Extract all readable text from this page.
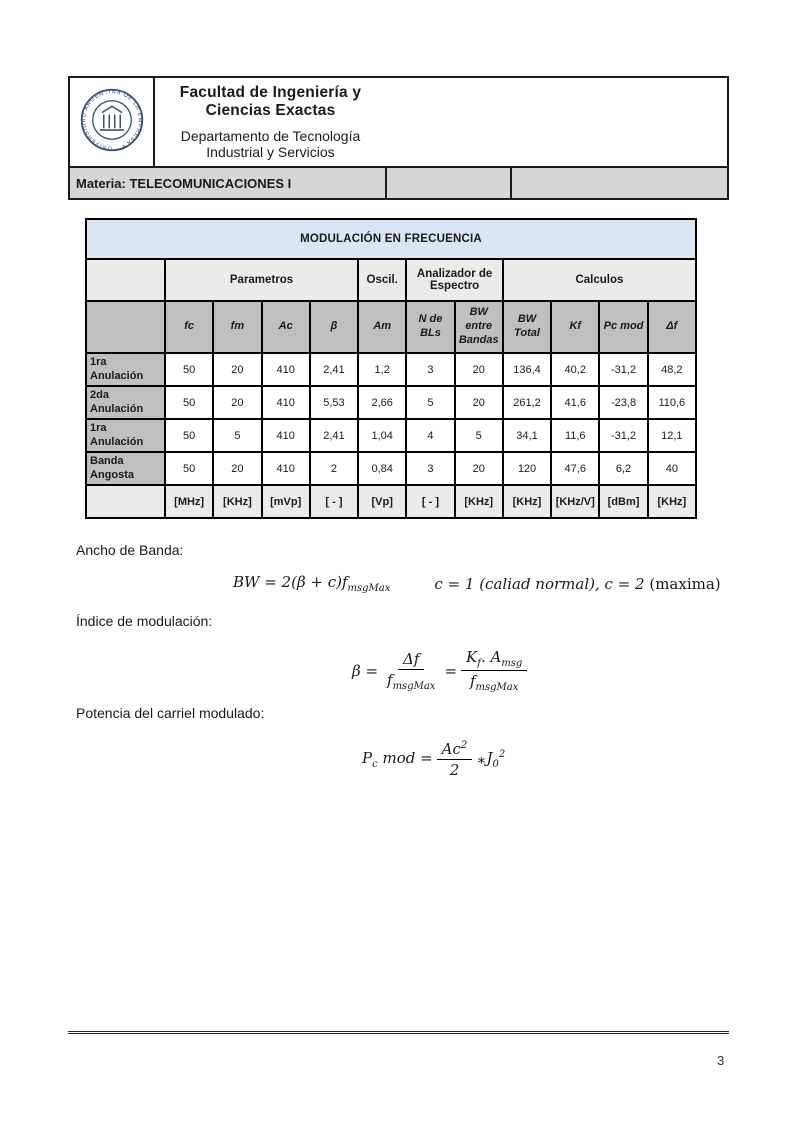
UNIVERSIDAD ARGENTINA DE LA EMPRESA •	Facultad de Ingeniería y Ciencias Exactas
Departamento de Tecnología Industrial y Servicios		

Materia: TELECOMUNICACIONES I			
MODULACIÓN EN FRECUENCIA											
	Parametros				Oscil.	Analizador de Espectro		Calculos			
	fc	fm	Ac	β	Am	N de BLs	BW entre Bandas	BW Total	Kf	Pc mod	Δf
1ra Anulación	50	20	410	2,41	1,2	3	20	136,4	40,2	-31,2	48,2
2da Anulación	50	20	410	5,53	2,66	5	20	261,2	41,6	-23,8	110,6
1ra Anulación	50	5	410	2,41	1,04	4	5	34,1	11,6	-31,2	12,1
Banda Angosta	50	20	410	2	0,84	3	20	120	47,6	6,2	40
	[MHz]	[KHz]	[mVp]	[ - ]	[Vp]	[ - ]	[KHz]	[KHz]	[KHz/V]	[dBm]	[KHz]
Ancho de Banda:
BW = $2(\beta + c)f_{msgMax}$	c = 1 (caliad normal), c = 2 (maxima)
Índice de modulación:
$\beta = \frac{\Delta f}{f_{msgMax}} = \frac{K_f. A_{msg}}{f_{msgMax}}$
Potencia del carriel modulado:
$P_c$ mod = $\frac{Ac^2}{2}$ ∗ $J_0^2$
3
